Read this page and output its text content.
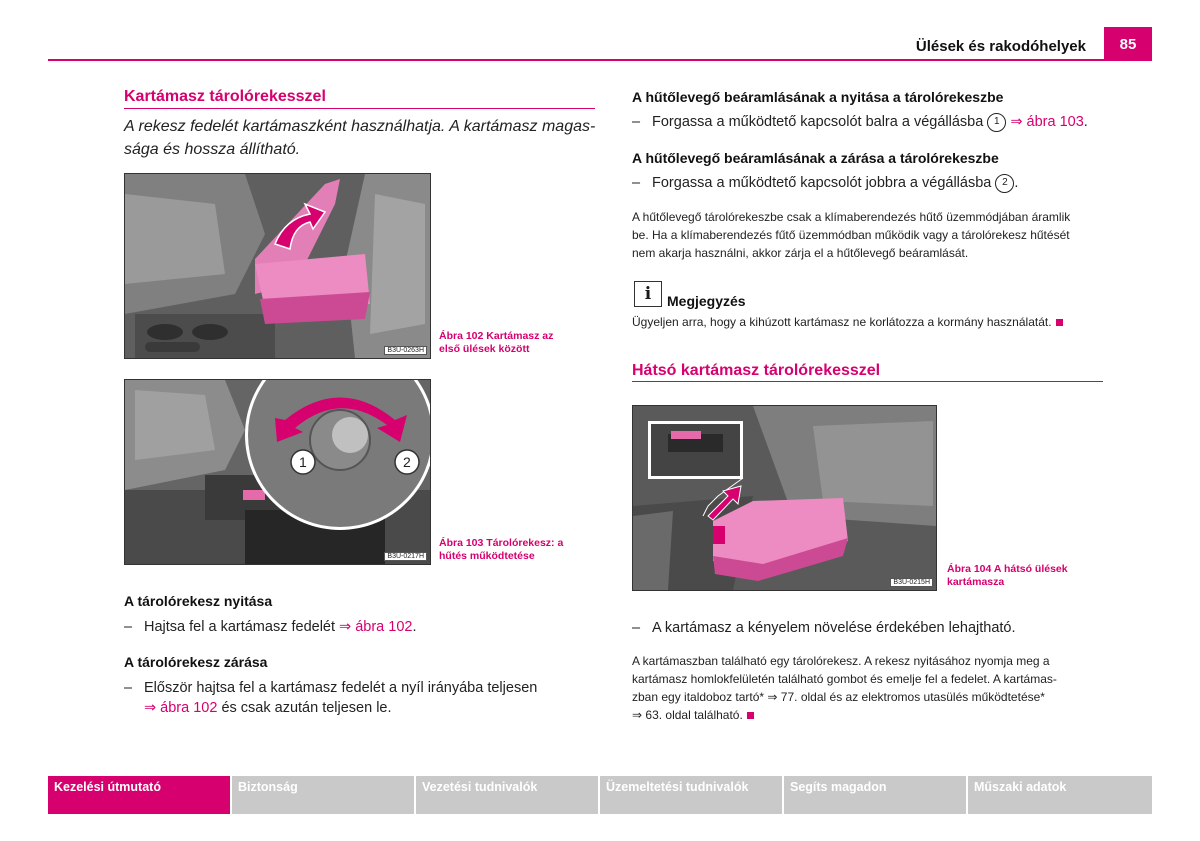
Ülések és rakodóhelyek	85
Kartámasz tárolórekesszel
A rekesz fedelét kartámaszként használhatja. A kartámasz magas-
sága és hossza állítható.
B3U-0263H
Ábra 102 Kartámasz az
első ülések között
1	2
B3U-0217H
Ábra 103 Tárolórekesz: a
hűtés működtetése
A tárolórekesz nyitása
– Hajtsa fel a kartámasz fedelét ⇒ ábra 102.
A tárolórekesz zárása
– Először hajtsa fel a kartámasz fedelét a nyíl irányába teljesen
⇒ ábra 102 és csak azután teljesen le.
A hűtőlevegő beáramlásának a nyitása a tárolórekeszbe
– Forgassa a működtető kapcsolót balra a végállásba 1 ⇒ ábra 103.
A hűtőlevegő beáramlásának a zárása a tárolórekeszbe
– Forgassa a működtető kapcsolót jobbra a végállásba 2 .
A hűtőlevegő tárolórekeszbe csak a klímaberendezés hűtő üzemmódjában áramlik
be. Ha a klímaberendezés fűtő üzemmódban működik vagy a tárolórekesz hűtését
nem akarja használni, akkor zárja el a hűtőlevegő beáramlását.
i	Megjegyzés
Ügyeljen arra, hogy a kihúzott kartámasz ne korlátozza a kormány használatát.
Hátsó kartámasz tárolórekesszel
B3U-0215H
Ábra 104 A hátsó ülések
kartámasza
– A kartámasz a kényelem növelése érdekében lehajtható.
A kartámaszban található egy tárolórekesz. A rekesz nyitásához nyomja meg a
kartámasz homlokfelületén található gombot és emelje fel a fedelet. A kartámas-
zban egy italdoboz tartó* ⇒ 77. oldal és az elektromos utasülés működtetése*
⇒ 63. oldal található.
Kezelési útmutató	Biztonság	Vezetési tudnivalók	Üzemeltetési tudnivalók	Segíts magadon	Műszaki adatok
